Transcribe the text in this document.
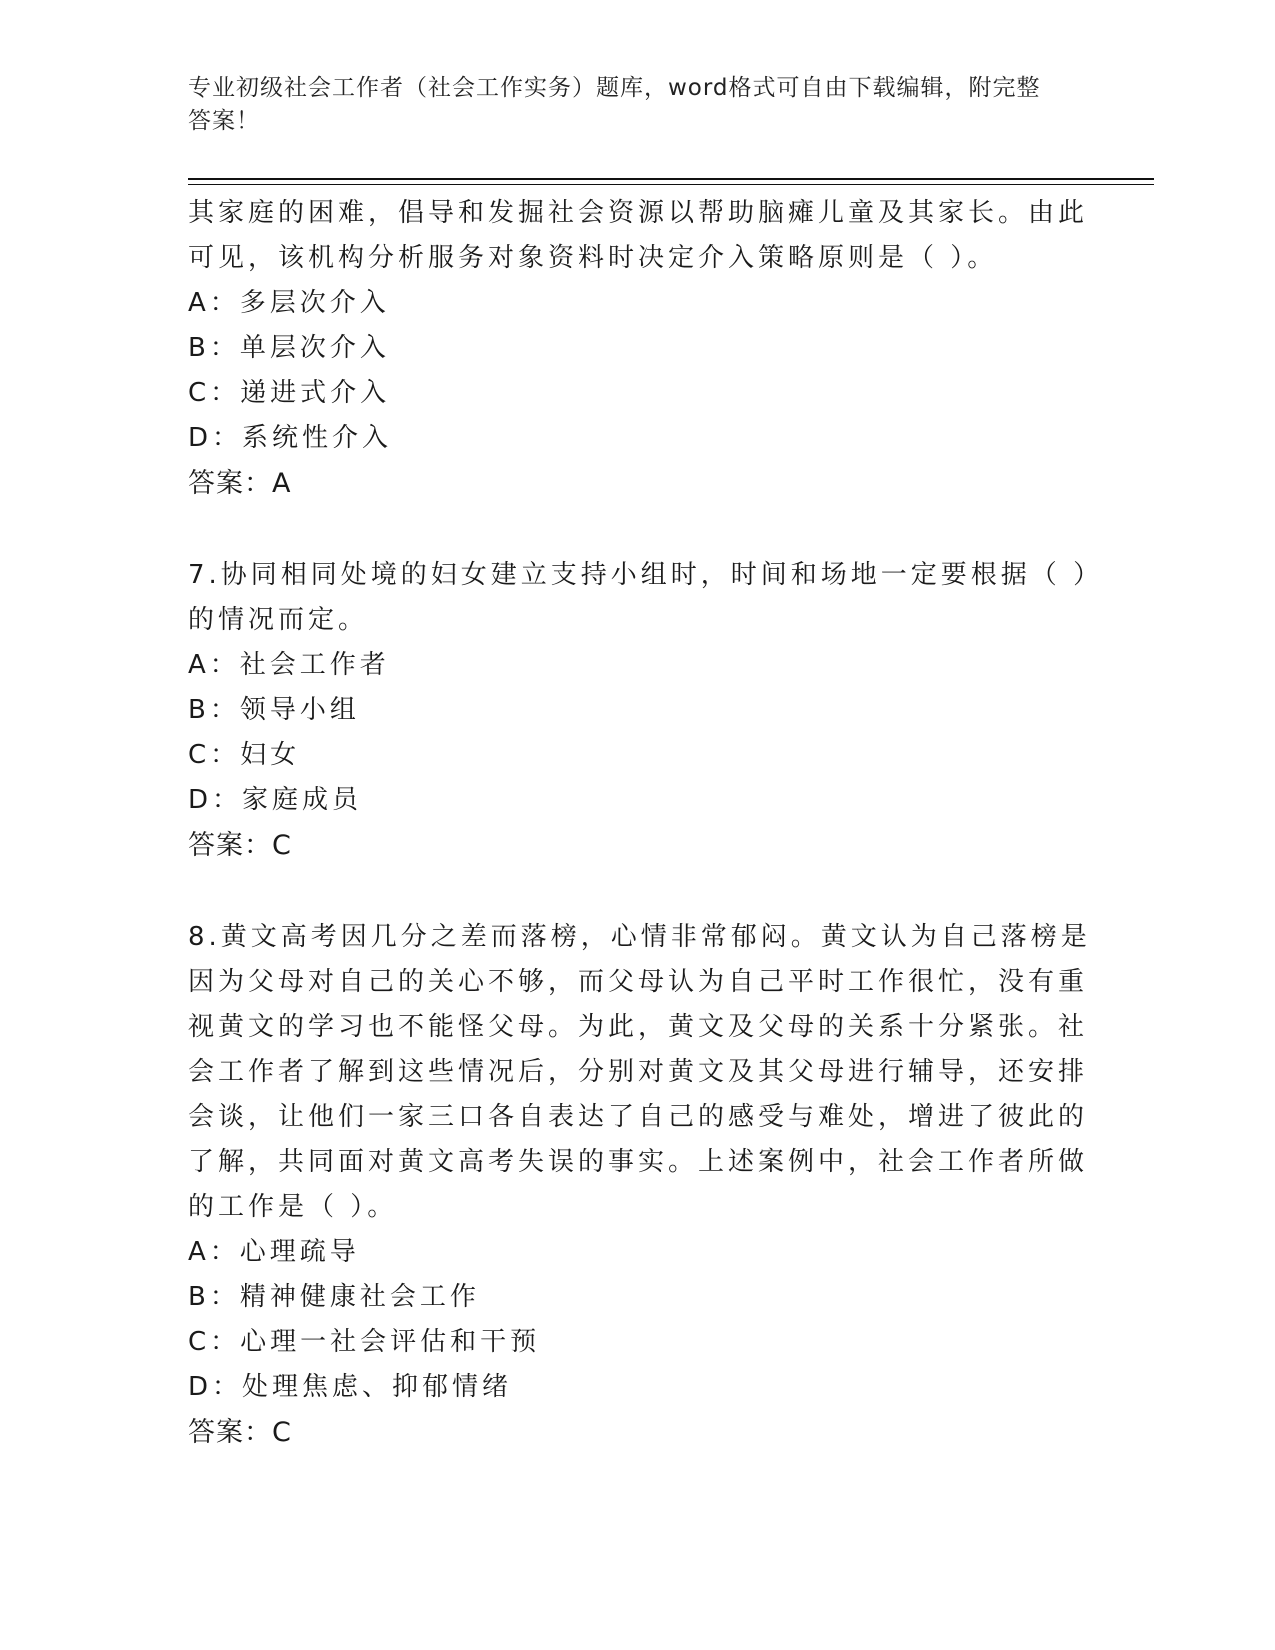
专业初级社会工作者（社会工作实务）题库，word格式可自由下载编辑，附完整
答案！
其家庭的困难，倡导和发掘社会资源以帮助脑瘫儿童及其家长。由此
可见，该机构分析服务对象资料时决定介入策略原则是（ ）。
A：多层次介入
B：单层次介入
C：递进式介入
D：系统性介入
答案：A
7.协同相同处境的妇女建立支持小组时，时间和场地一定要根据（ ）
的情况而定。
A：社会工作者
B：领导小组
C：妇女
D：家庭成员
答案：C
8.黄文高考因几分之差而落榜，心情非常郁闷。黄文认为自己落榜是
因为父母对自己的关心不够，而父母认为自己平时工作很忙，没有重
视黄文的学习也不能怪父母。为此，黄文及父母的关系十分紧张。社
会工作者了解到这些情况后，分别对黄文及其父母进行辅导，还安排
会谈，让他们一家三口各自表达了自己的感受与难处，增进了彼此的
了解，共同面对黄文高考失误的事实。上述案例中，社会工作者所做
的工作是（ ）。
A：心理疏导
B：精神健康社会工作
C：心理一社会评估和干预
D：处理焦虑、抑郁情绪
答案：C
